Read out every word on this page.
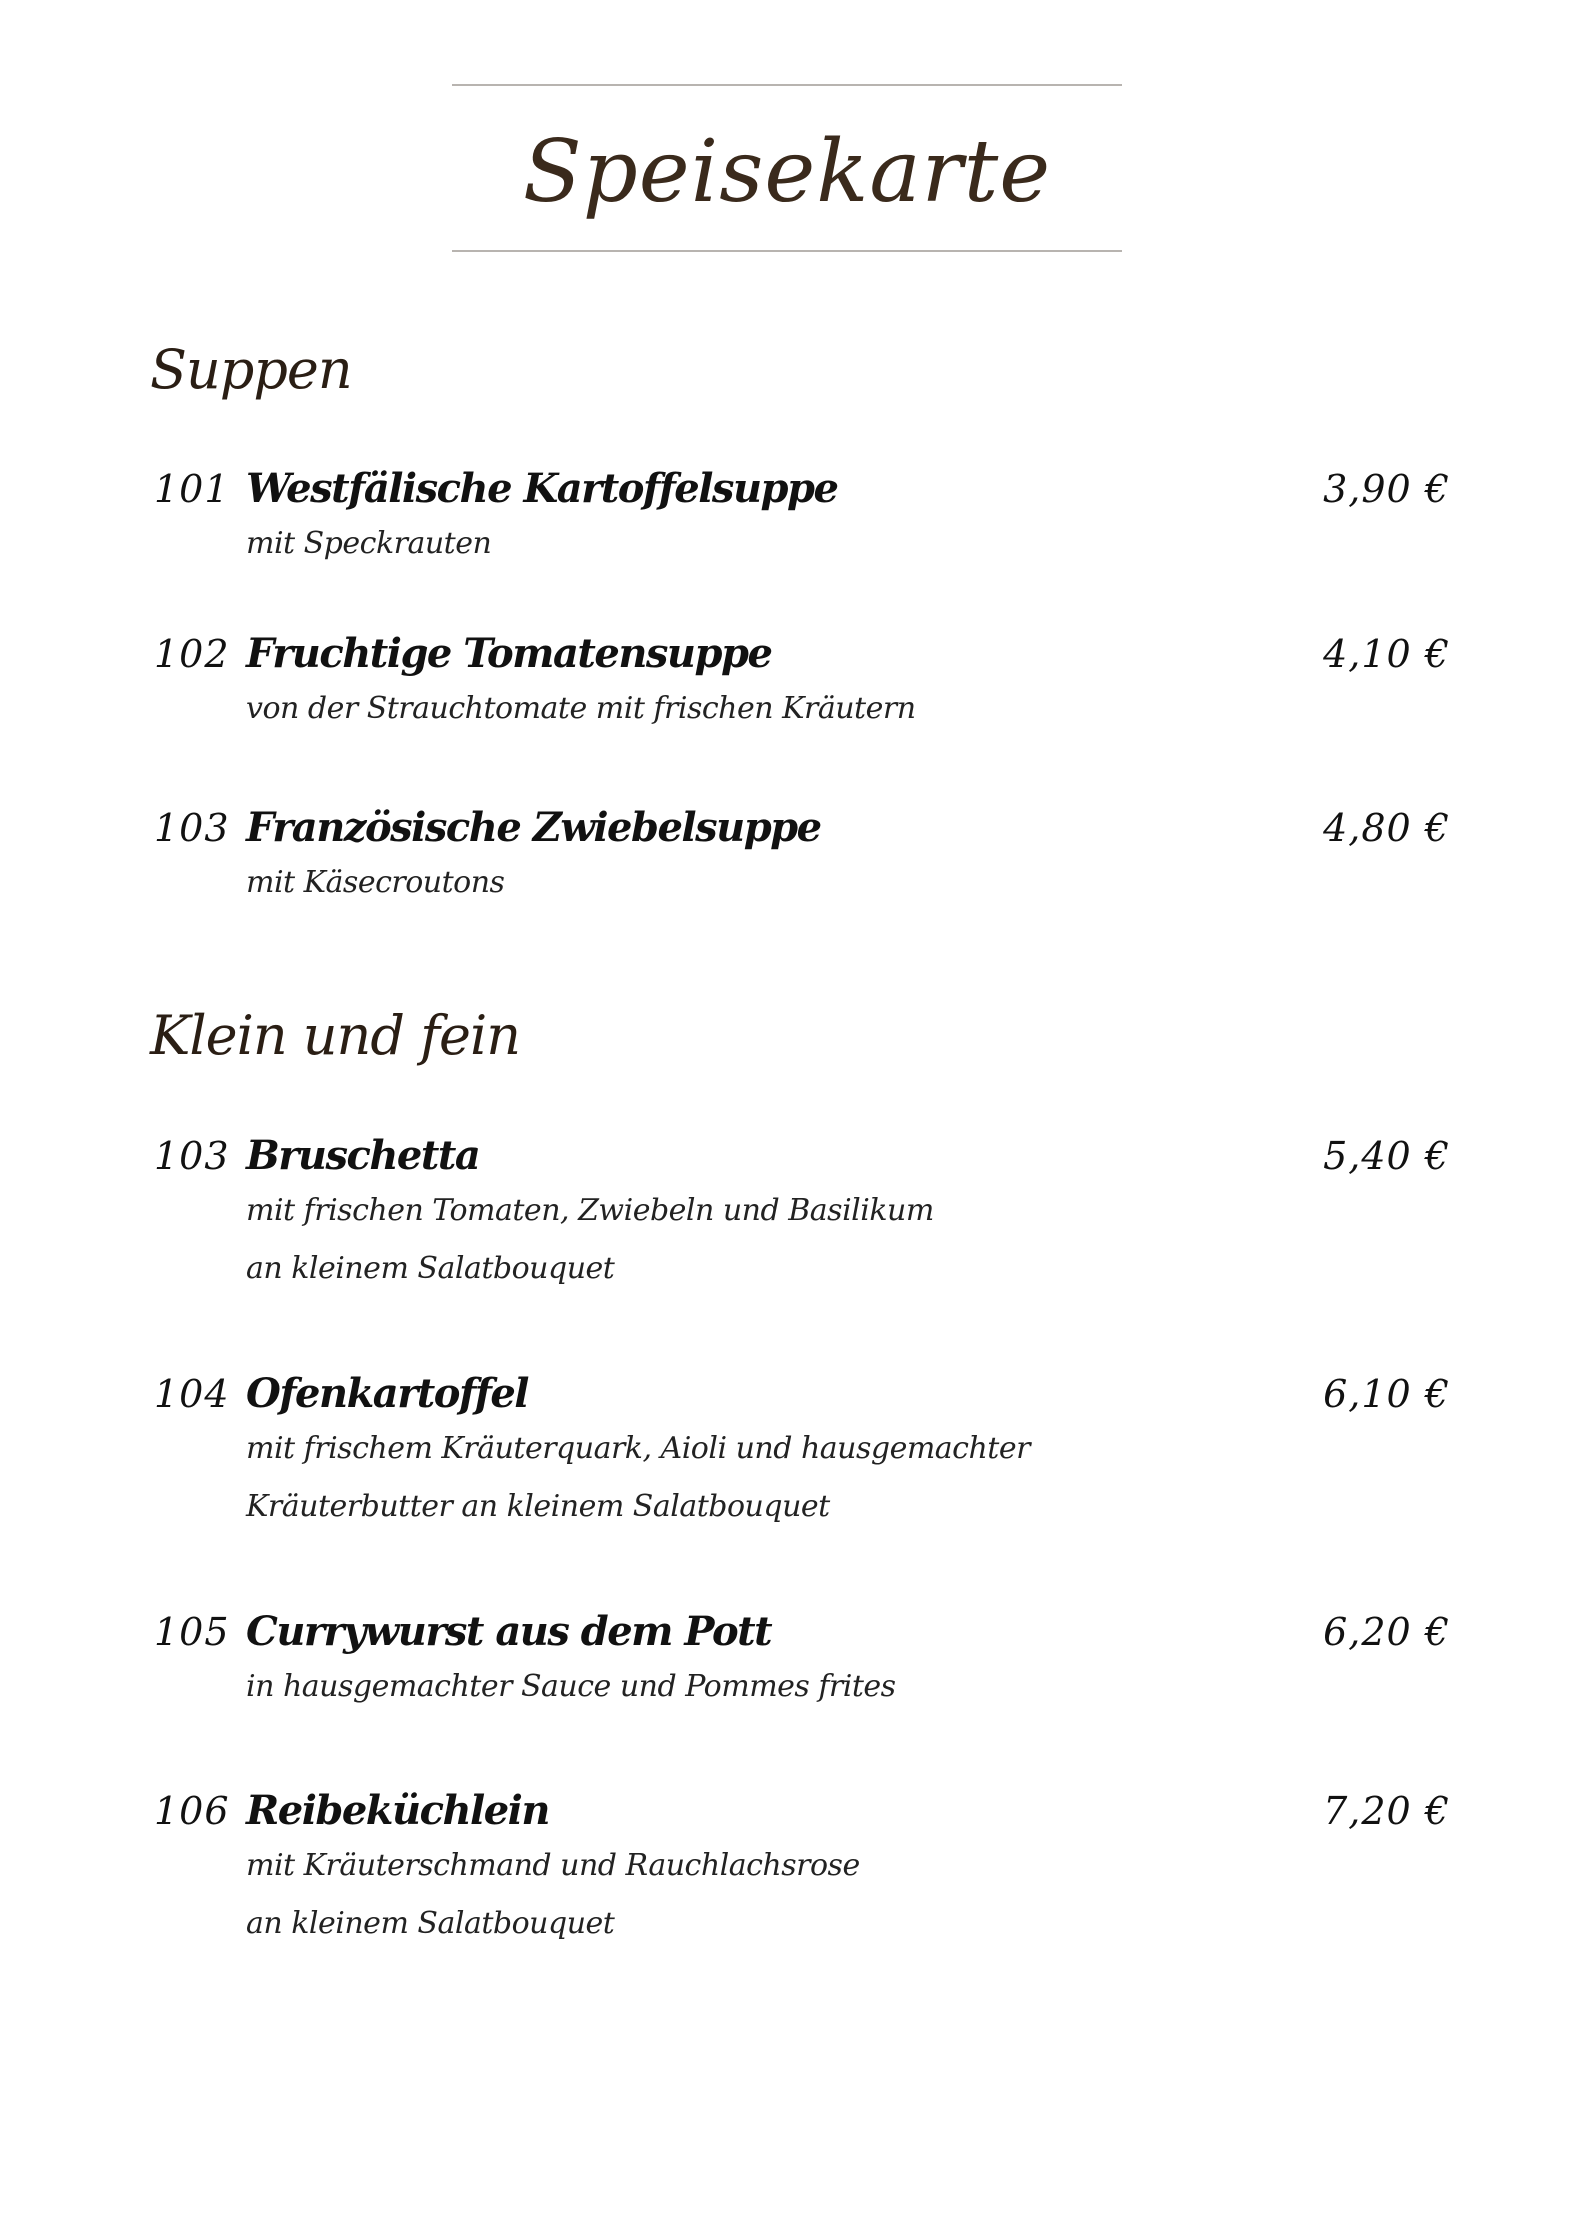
Speisekarte
Suppen
101 Westfälische Kartoffelsuppe	3,90 €
mit Speckrauten
102 Fruchtige Tomatensuppe	4,10 €
von der Strauchtomate mit frischen Kräutern
103 Französische Zwiebelsuppe	4,80 €
mit Käsecroutons
Klein und fein
103 Bruschetta	5,40 €
mit frischen Tomaten, Zwiebeln und Basilikum
an kleinem Salatbouquet
104 Ofenkartoffel	6,10 €
mit frischem Kräuterquark, Aioli und hausgemachter
Kräuterbutter an kleinem Salatbouquet
105 Currywurst aus dem Pott	6,20 €
in hausgemachter Sauce und Pommes frites
106 Reibeküchlein	7,20 €
mit Kräuterschmand und Rauchlachsrose
an kleinem Salatbouquet
